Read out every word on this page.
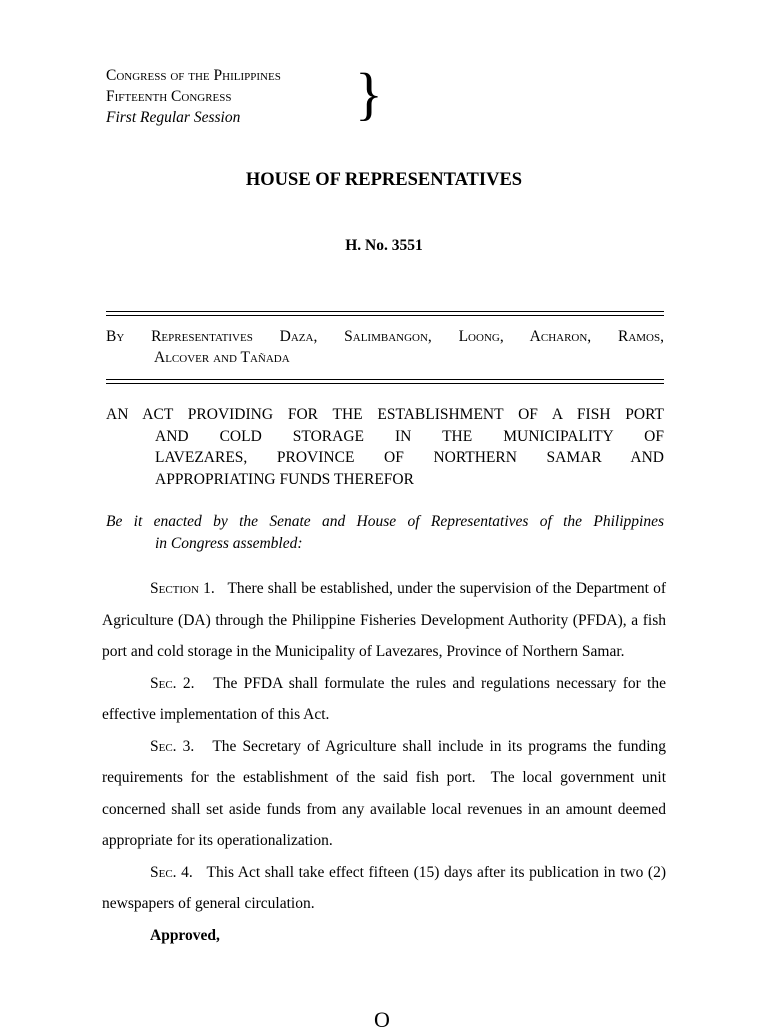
Congress of the Philippines
Fifteenth Congress
First Regular Session	}
HOUSE OF REPRESENTATIVES
H. No. 3551
By Representatives Daza, Salimbangon, Loong, Acharon, Ramos,
Alcover and Tañada
AN ACT PROVIDING FOR THE ESTABLISHMENT OF A FISH PORT
AND COLD STORAGE IN THE MUNICIPALITY OF
LAVEZARES, PROVINCE OF NORTHERN SAMAR AND
APPROPRIATING FUNDS THEREFOR
Be it enacted by the Senate and House of Representatives of the Philippines
in Congress assembled:

Section 1. There shall be established, under the supervision of the Department of Agriculture (DA) through the Philippine Fisheries Development Authority (PFDA), a fish port and cold storage in the Municipality of Lavezares, Province of Northern Samar.

Sec. 2. The PFDA shall formulate the rules and regulations necessary for the effective implementation of this Act.

Sec. 3. The Secretary of Agriculture shall include in its programs the funding requirements for the establishment of the said fish port.  The local government unit concerned shall set aside funds from any available local revenues in an amount deemed appropriate for its operationalization.

Sec. 4. This Act shall take effect fifteen (15) days after its publication in two (2) newspapers of general circulation.

Approved,

O
